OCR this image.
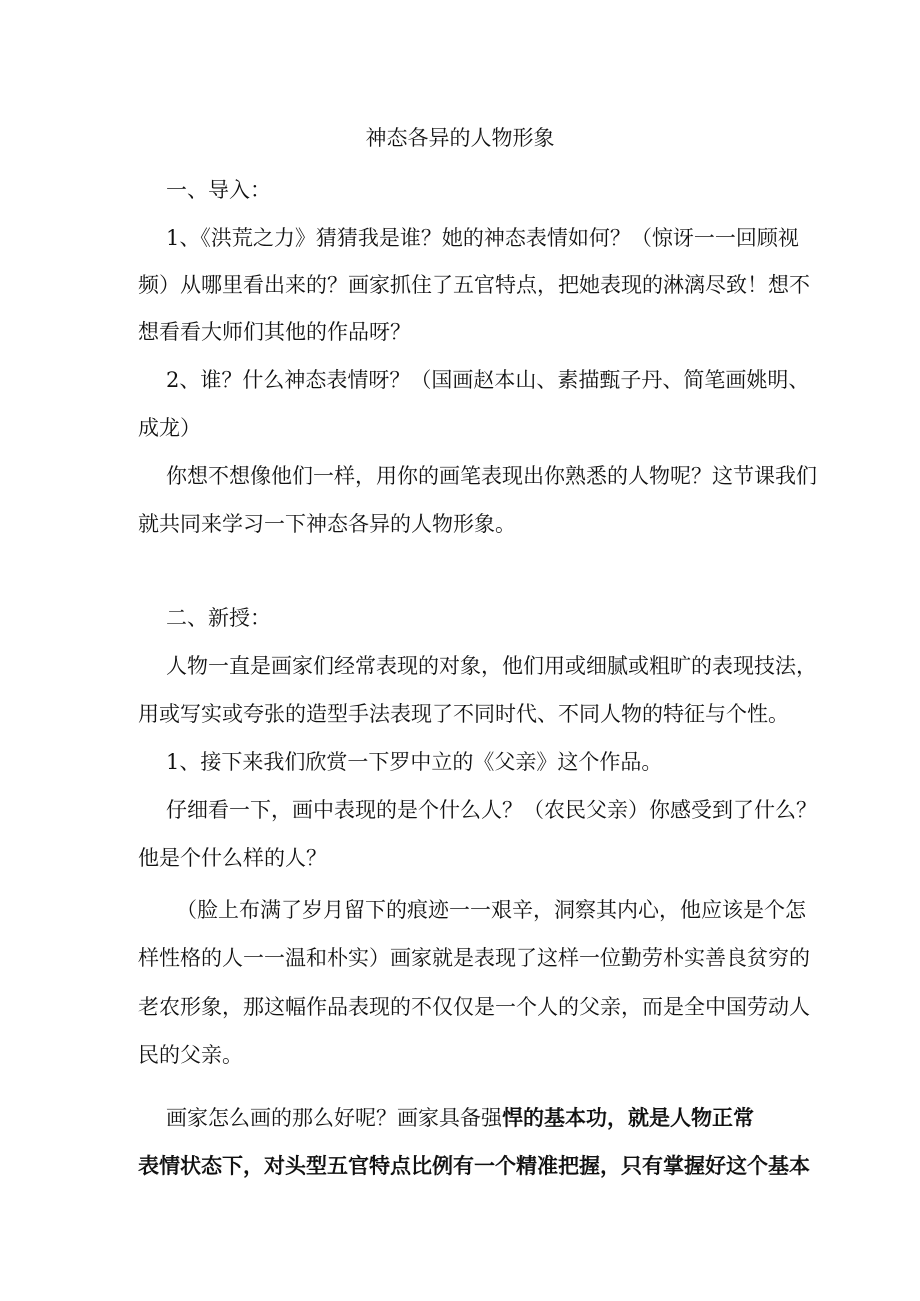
神态各异的人物形象
一、导入：
1、《洪荒之力》猜猜我是谁？她的神态表情如何？（惊讶一一回顾视
频）从哪里看出来的？画家抓住了五官特点，把她表现的淋漓尽致！想不
想看看大师们其他的作品呀？
2、谁？什么神态表情呀？（国画赵本山、素描甄子丹、简笔画姚明、
成龙）
你想不想像他们一样，用你的画笔表现出你熟悉的人物呢？这节课我们
就共同来学习一下神态各异的人物形象。
二、新授：
人物一直是画家们经常表现的对象，他们用或细腻或粗旷的表现技法，
用或写实或夸张的造型手法表现了不同时代、不同人物的特征与个性。
1、接下来我们欣赏一下罗中立的《父亲》这个作品。
仔细看一下，画中表现的是个什么人？（农民父亲）你感受到了什么？
他是个什么样的人？
（脸上布满了岁月留下的痕迹一一艰辛，洞察其内心，他应该是个怎
样性格的人一一温和朴实）画家就是表现了这样一位勤劳朴实善良贫穷的
老农形象，那这幅作品表现的不仅仅是一个人的父亲，而是全中国劳动人
民的父亲。
画家怎么画的那么好呢？画家具备强悍的基本功，就是人物正常
表情状态下，对头型五官特点比例有一个精准把握，只有掌握好这个基本
